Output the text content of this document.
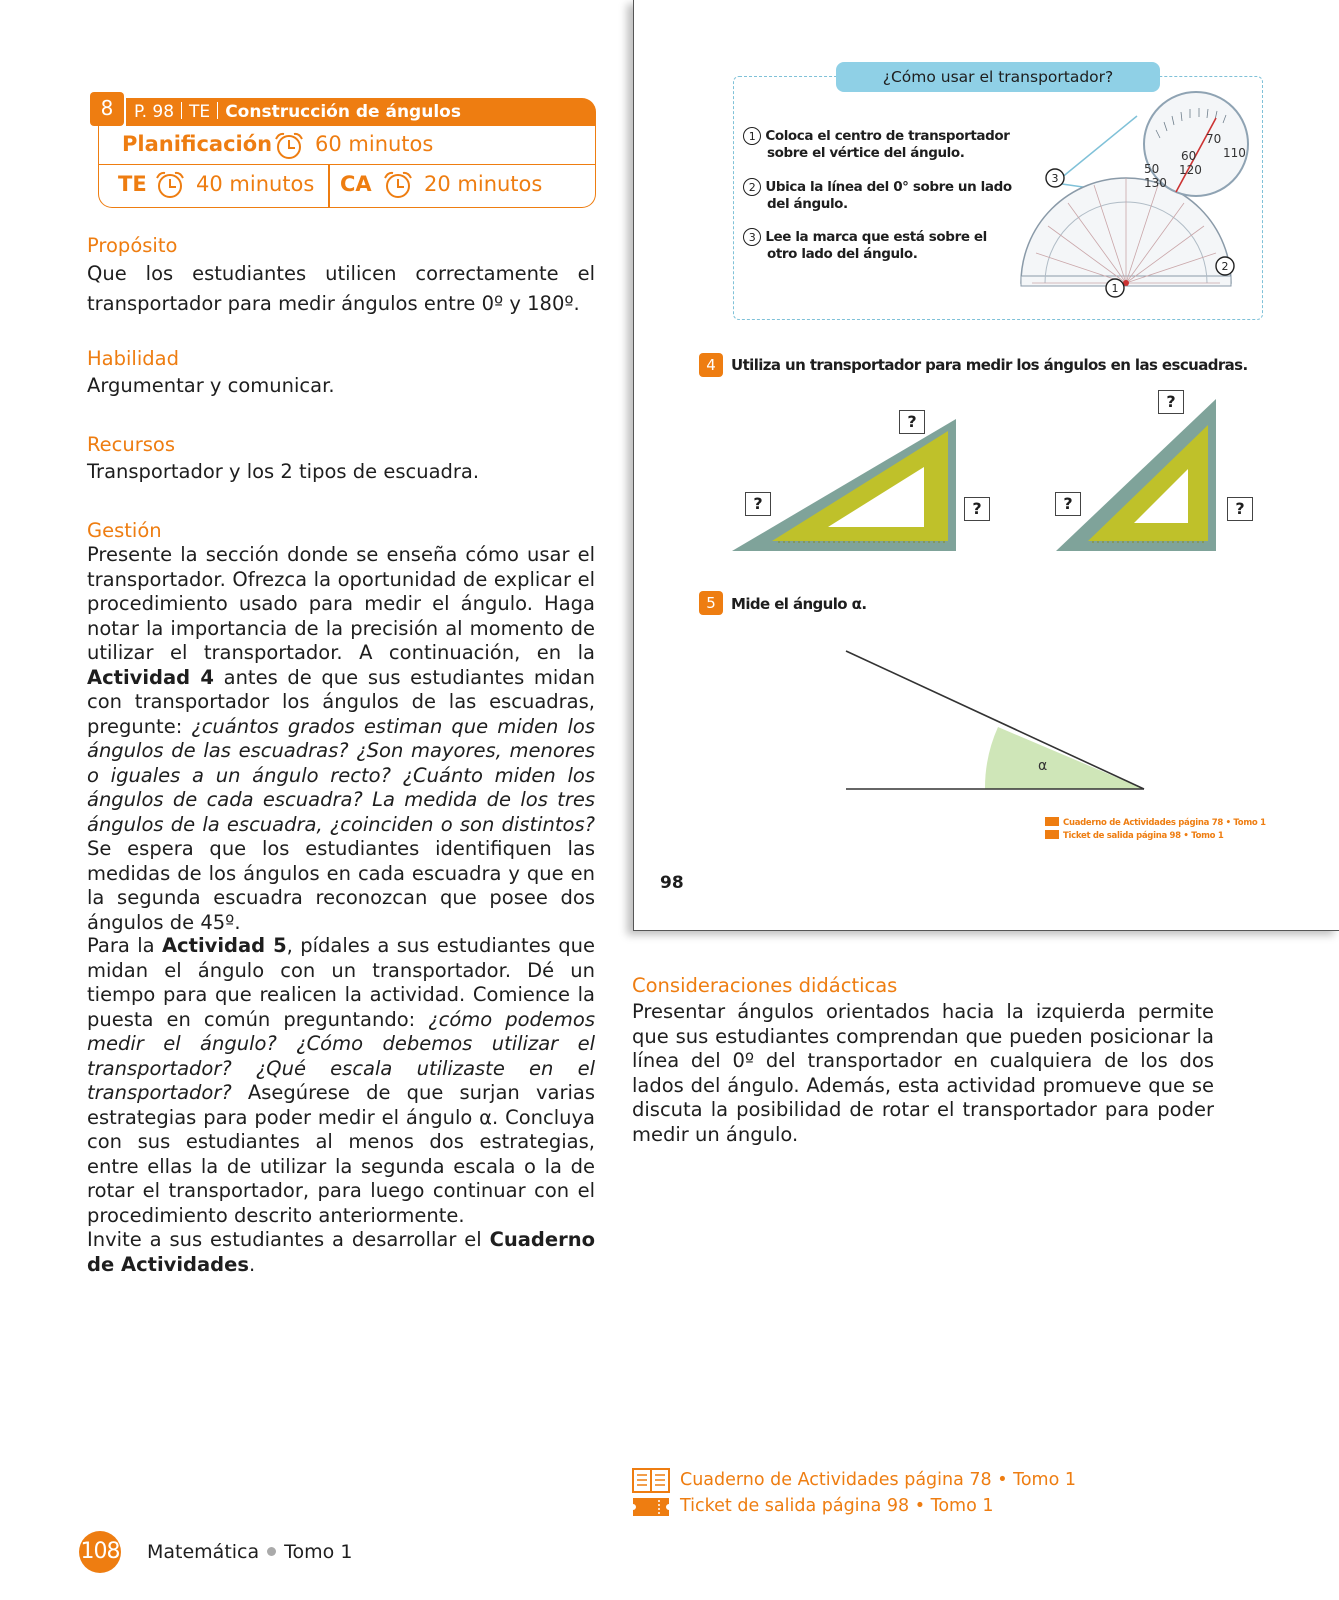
8	P. 98 TE Construcción de ángulos
Planificación 60 minutos
TE 40 minutos CA 20 minutos
Propósito
Que los estudiantes utilicen correctamente el transportador para medir ángulos entre 0º y 180º.
Habilidad
Argumentar y comunicar.
Recursos
Transportador y los 2 tipos de escuadra.
Gestión
Presente la sección donde se enseña cómo usar el transportador. Ofrezca la oportunidad de explicar el procedimiento usado para medir el ángulo. Haga notar la importancia de la precisión al momento de utilizar el transportador. A continuación, en la Actividad 4 antes de que sus estudiantes midan con transportador los ángulos de las escuadras, pregunte: ¿cuántos grados estiman que miden los ángulos de las escuadras? ¿Son mayores, menores o iguales a un ángulo recto? ¿Cuánto miden los ángulos de cada escuadra? La medida de los tres ángulos de la escuadra, ¿coinciden o son distintos? Se espera que los estudiantes identifiquen las medidas de los ángulos en cada escuadra y que en la segunda escuadra reconozcan que posee dos ángulos de 45º.
Para la Actividad 5, pídales a sus estudiantes que midan el ángulo con un transportador. Dé un tiempo para que realicen la actividad. Comience la puesta en común preguntando: ¿cómo podemos medir el ángulo? ¿Cómo debemos utilizar el transportador? ¿Qué escala utilizaste en el transportador? Asegúrese de que surjan varias estrategias para poder medir el ángulo α. Concluya con sus estudiantes al menos dos estrategias, entre ellas la de utilizar la segunda escala o la de rotar el transportador, para luego continuar con el procedimiento descrito anteriormente.
Invite a sus estudiantes a desarrollar el Cuaderno de Actividades.
¿Cómo usar el transportador?
1 Coloca el centro de transportador
sobre el vértice del ángulo.
2 Ubica la línea del 0° sobre un lado
del ángulo.
3 Lee la marca que está sobre el
otro lado del ángulo.
70
110
60
120
50
130
3
2
1
4	Utiliza un transportador para medir los ángulos en las escuadras.
?
?	?
?
?	?
5	Mide el ángulo α.
α
Cuaderno de Actividades página 78 • Tomo 1
Ticket de salida página 98 • Tomo 1
98
Consideraciones didácticas
Presentar ángulos orientados hacia la izquierda permite que sus estudiantes comprendan que pueden posicionar la línea del 0º del transportador en cualquiera de los dos lados del ángulo. Además, esta actividad promueve que se discuta la posibilidad de rotar el transportador para poder medir un ángulo.
Cuaderno de Actividades página 78 • Tomo 1
Ticket de salida página 98 • Tomo 1
108 Matemática Tomo 1
